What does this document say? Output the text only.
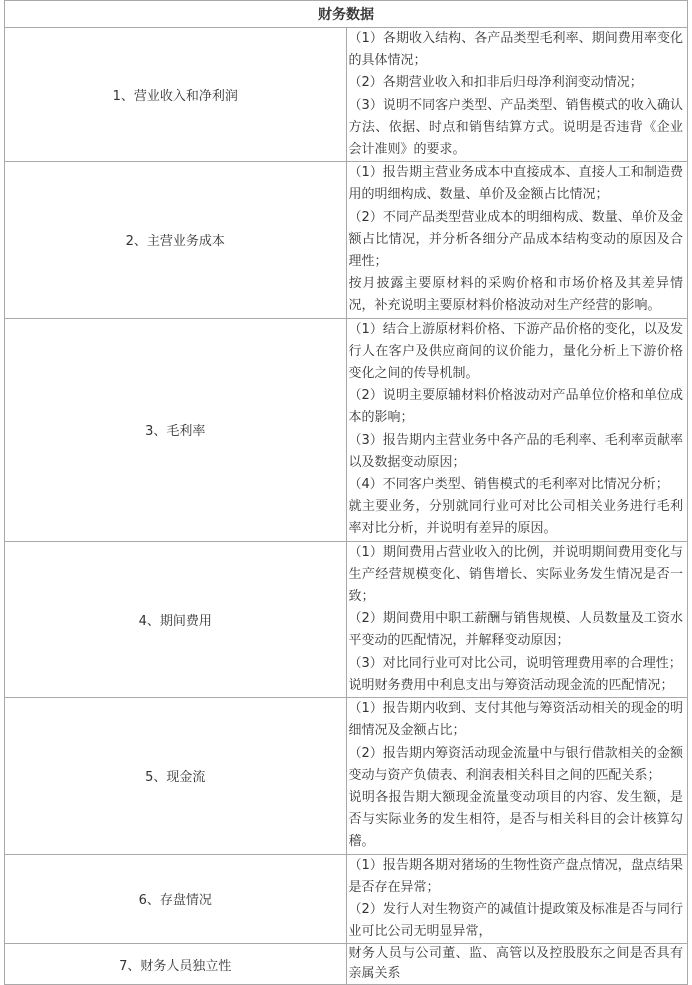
财务数据	
1、营业收入和净利润	（1）各期收入结构、各产品类型毛利率、期间费用率变化的具体情况；

（2）各期营业收入和扣非后归母净利润变动情况；

（3）说明不同客户类型、产品类型、销售模式的收入确认方法、依据、时点和销售结算方式。说明是否违背《企业会计准则》的要求。

2、主营业务成本	（1）报告期主营业务成本中直接成本、直接人工和制造费用的明细构成、数量、单价及金额占比情况；

（2）不同产品类型营业成本的明细构成、数量、单价及金额占比情况，并分析各细分产品成本结构变动的原因及合理性；

按月披露主要原材料的采购价格和市场价格及其差异情况，补充说明主要原材料价格波动对生产经营的影响。

3、毛利率	（1）结合上游原材料价格、下游产品价格的变化，以及发行人在客户及供应商间的议价能力，量化分析上下游价格变化之间的传导机制。

（2）说明主要原辅材料价格波动对产品单位价格和单位成本的影响；

（3）报告期内主营业务中各产品的毛利率、毛利率贡献率以及数据变动原因；

（4）不同客户类型、销售模式的毛利率对比情况分析；

就主要业务，分别就同行业可对比公司相关业务进行毛利率对比分析，并说明有差异的原因。

4、期间费用	（1）期间费用占营业收入的比例，并说明期间费用变化与生产经营规模变化、销售增长、实际业务发生情况是否一致；

（2）期间费用中职工薪酬与销售规模、人员数量及工资水平变动的匹配情况，并解释变动原因；

（3）对比同行业可对比公司，说明管理费用率的合理性；

说明财务费用中利息支出与筹资活动现金流的匹配情况；

5、现金流	（1）报告期内收到、支付其他与筹资活动相关的现金的明细情况及金额占比；

（2）报告期内筹资活动现金流量中与银行借款相关的金额变动与资产负债表、利润表相关科目之间的匹配关系；

说明各报告期大额现金流量变动项目的内容、发生额，是否与实际业务的发生相符，是否与相关科目的会计核算勾稽。

6、存盘情况	（1）报告期各期对猪场的生物性资产盘点情况，盘点结果是否存在异常；

（2）发行人对生物资产的减值计提政策及标准是否与同行业可比公司无明显异常，

7、财务人员独立性	财务人员与公司董、监、高管以及控股股东之间是否具有亲属关系
